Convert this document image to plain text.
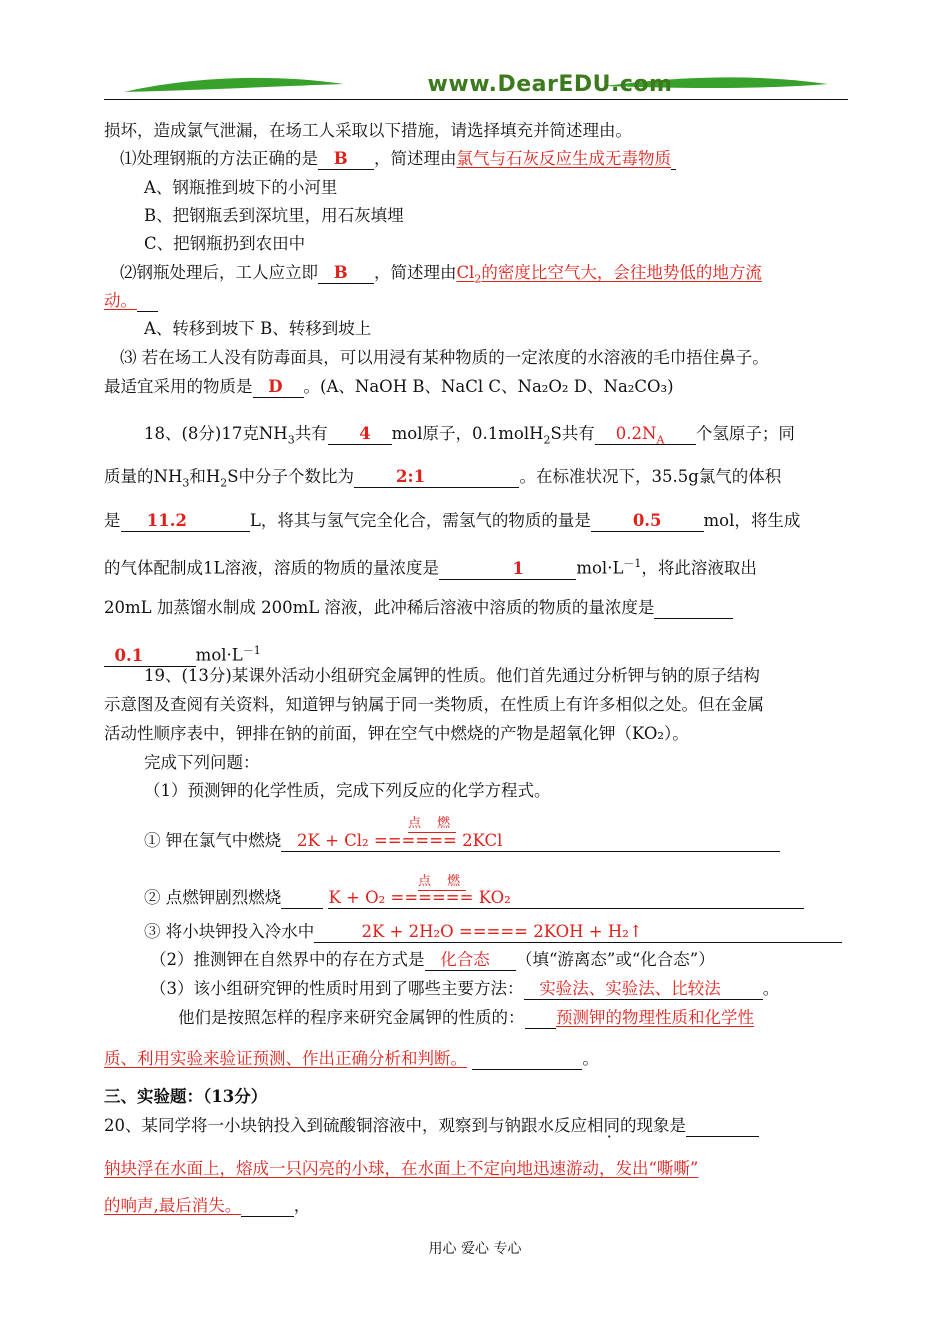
www.DearEDU.com
损坏，造成氯气泄漏，在场工人采取以下措施，请选择填充并简述理由。
⑴处理钢瓶的方法正确的是 B ，简述理由氯气与石灰反应生成无毒物质
A、钢瓶推到坡下的小河里
B、把钢瓶丢到深坑里，用石灰填埋
C、把钢瓶扔到农田中
⑵钢瓶处理后，工人应立即 B ，简述理由$Cl_2$的密度比空气大，会往地势低的地方流
动。
A、转移到坡下 B、转移到坡上
⑶ 若在场工人没有防毒面具，可以用浸有某种物质的一定浓度的水溶液的毛巾捂住鼻子。
最适宜采用的物质是 D 。(A、NaOH B、NaCl C、Na₂O₂ D、Na₂CO₃)
18、(8分)17克$NH_3$共有 4 mol原子，0.1molH$_2$S共有 $0.2N_A$ 个氢原子；同
质量的$NH_3$和$H_2S$中分子个数比为	2:1	。在标准状况下，35.5g氯气的体积
是 11.2	L，将其与氢气完全化合，需氢气的物质的量是	0.5	mol，将生成
的气体配制成1L溶液，溶质的物质的量浓度是	1	$mol\cdot L^{-1}$，将此溶液取出
20mL 加蒸馏水制成 200mL 溶液，此冲稀后溶液中溶质的物质的量浓度是
0.1	$mol\cdot L^{-1}$
19、(13分)某课外活动小组研究金属钾的性质。他们首先通过分析钾与钠的原子结构
示意图及查阅有关资料，知道钾与钠属于同一类物质，在性质上有许多相似之处。但在金属
活动性顺序表中，钾排在钠的前面，钾在空气中燃烧的产物是超氧化钾（KO₂）。
完成下列问题：
（1）预测钾的化学性质，完成下列反应的化学方程式。
点 燃
① 钾在氯气中燃烧 2K + Cl₂ ====== 2KCl
点 燃
② 点燃钾剧烈燃烧	K + O₂ ====== KO₂
③ 将小块钾投入冷水中	2K + 2H₂O ===== 2KOH + H₂↑
（2）推测钾在自然界中的存在方式是 化合态 （填“游离态”或“化合态”）
（3）该小组研究钾的性质时用到了哪些主要方法： 实验法、实验法、比较法	。
他们是按照怎样的程序来研究金属钾的性质的： 预测钾的物理性质和化学性
质、利用实验来验证预测、作出正确分析和判断。	。
三、实验题：（13分）
20、某同学将一小块钠投入到硫酸铜溶液中，观察到与钠跟水反应相同的现象是
钠块浮在水面上，熔成一只闪亮的小球，在水面上不定向地迅速游动，发出“嘶嘶”
的响声,最后消失。	，
用心 爱心 专心
